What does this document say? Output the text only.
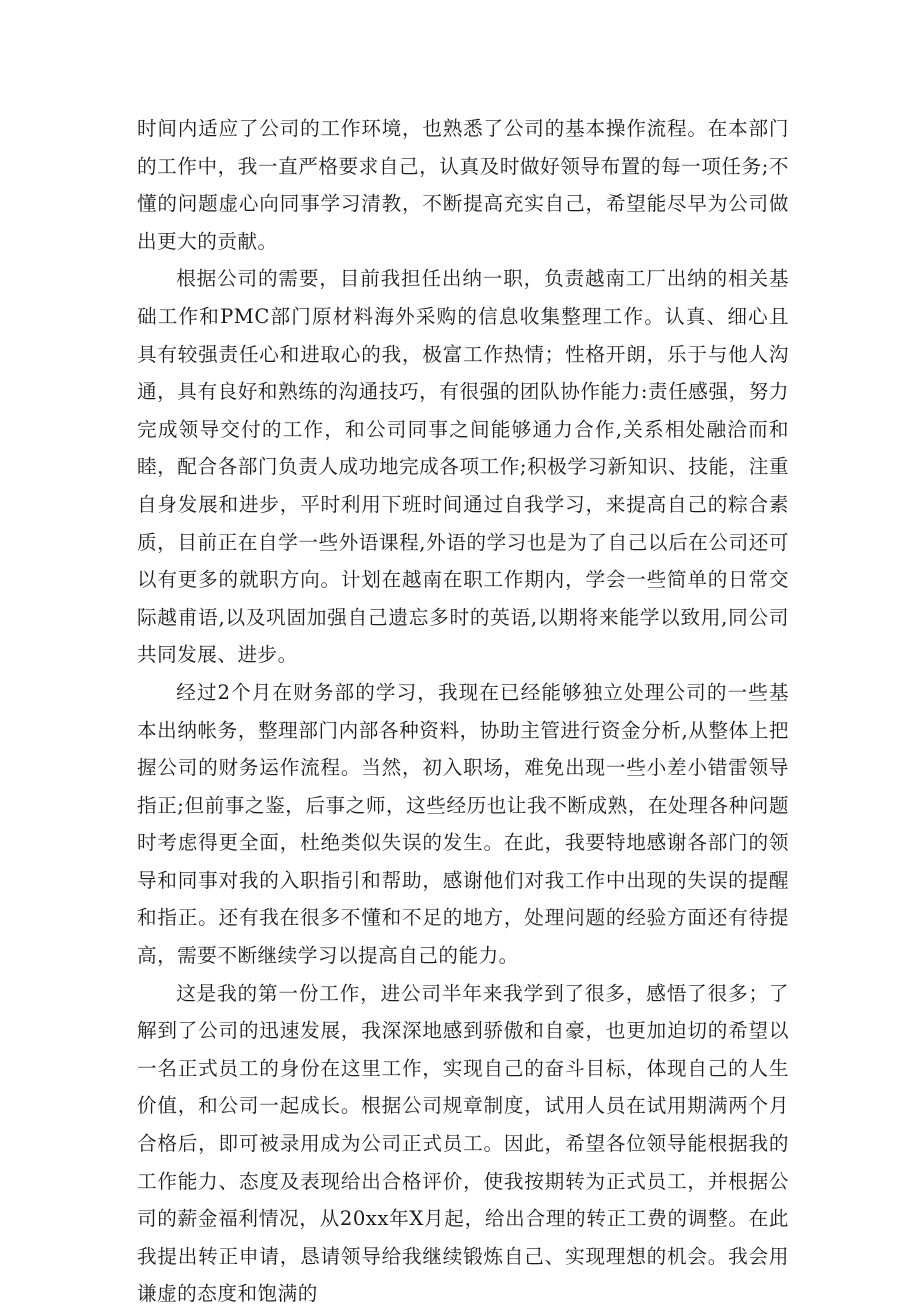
时间内适应了公司的工作环境，也熟悉了公司的基本操作流程。在本部门的工作中，我一直严格要求自己，认真及时做好领导布置的每一项任务;不懂的问题虚心向同事学习清教，不断提高充实自己，希望能尽早为公司做出更大的贡献。

根据公司的需要，目前我担任出纳一职，负责越南工厂出纳的相关基础工作和PMC部门原材料海外采购的信息收集整理工作。认真、细心且具有较强责任心和进取心的我，极富工作热情；性格开朗，乐于与他人沟通，具有良好和熟练的沟通技巧，有很强的团队协作能力:责任感强，努力完成领导交付的工作，和公司同事之间能够通力合作,关系相处融洽而和睦，配合各部门负责人成功地完成各项工作;积极学习新知识、技能，注重自身发展和进步，平时利用下班时间通过自我学习，来提高自己的粽合素质，目前正在自学一些外语课程,外语的学习也是为了自己以后在公司还可以有更多的就职方向。计划在越南在职工作期内，学会一些简单的日常交际越甫语,以及巩固加强自己遗忘多时的英语,以期将来能学以致用,同公司共同发展、进步。

经过2个月在财务部的学习，我现在已经能够独立处理公司的一些基本出纳帐务，整理部门内部各种资料，协助主管进行资金分析,从整体上把握公司的财务运作流程。当然，初入职场，难免出现一些小差小错雷领导指正;但前事之鉴，后事之师，这些经历也让我不断成熟，在处理各种问题时考虑得更全面，杜绝类似失误的发生。在此，我要特地感谢各部门的领导和同事对我的入职指引和帮助，感谢他们对我工作中出现的失误的提醒和指正。还有我在很多不懂和不足的地方，处理问题的经验方面还有待提高，需要不断继续学习以提高自己的能力。

这是我的第一份工作，进公司半年来我学到了很多，感悟了很多；了解到了公司的迅速发展，我深深地感到骄傲和自豪，也更加迫切的希望以一名正式员工的身份在这里工作，实现自己的奋斗目标，体现自己的人生价值，和公司一起成长。根据公司规章制度，试用人员在试用期满两个月合格后，即可被录用成为公司正式员工。因此，希望各位领导能根据我的工作能力、态度及表现给出合格评价，使我按期转为正式员工，并根据公司的薪金福利情况，从20xx年X月起，给出合理的转正工费的调整。在此我提出转正申请，恳请领导给我继续锻炼自己、实现理想的机会。我会用谦虚的态度和饱满的
